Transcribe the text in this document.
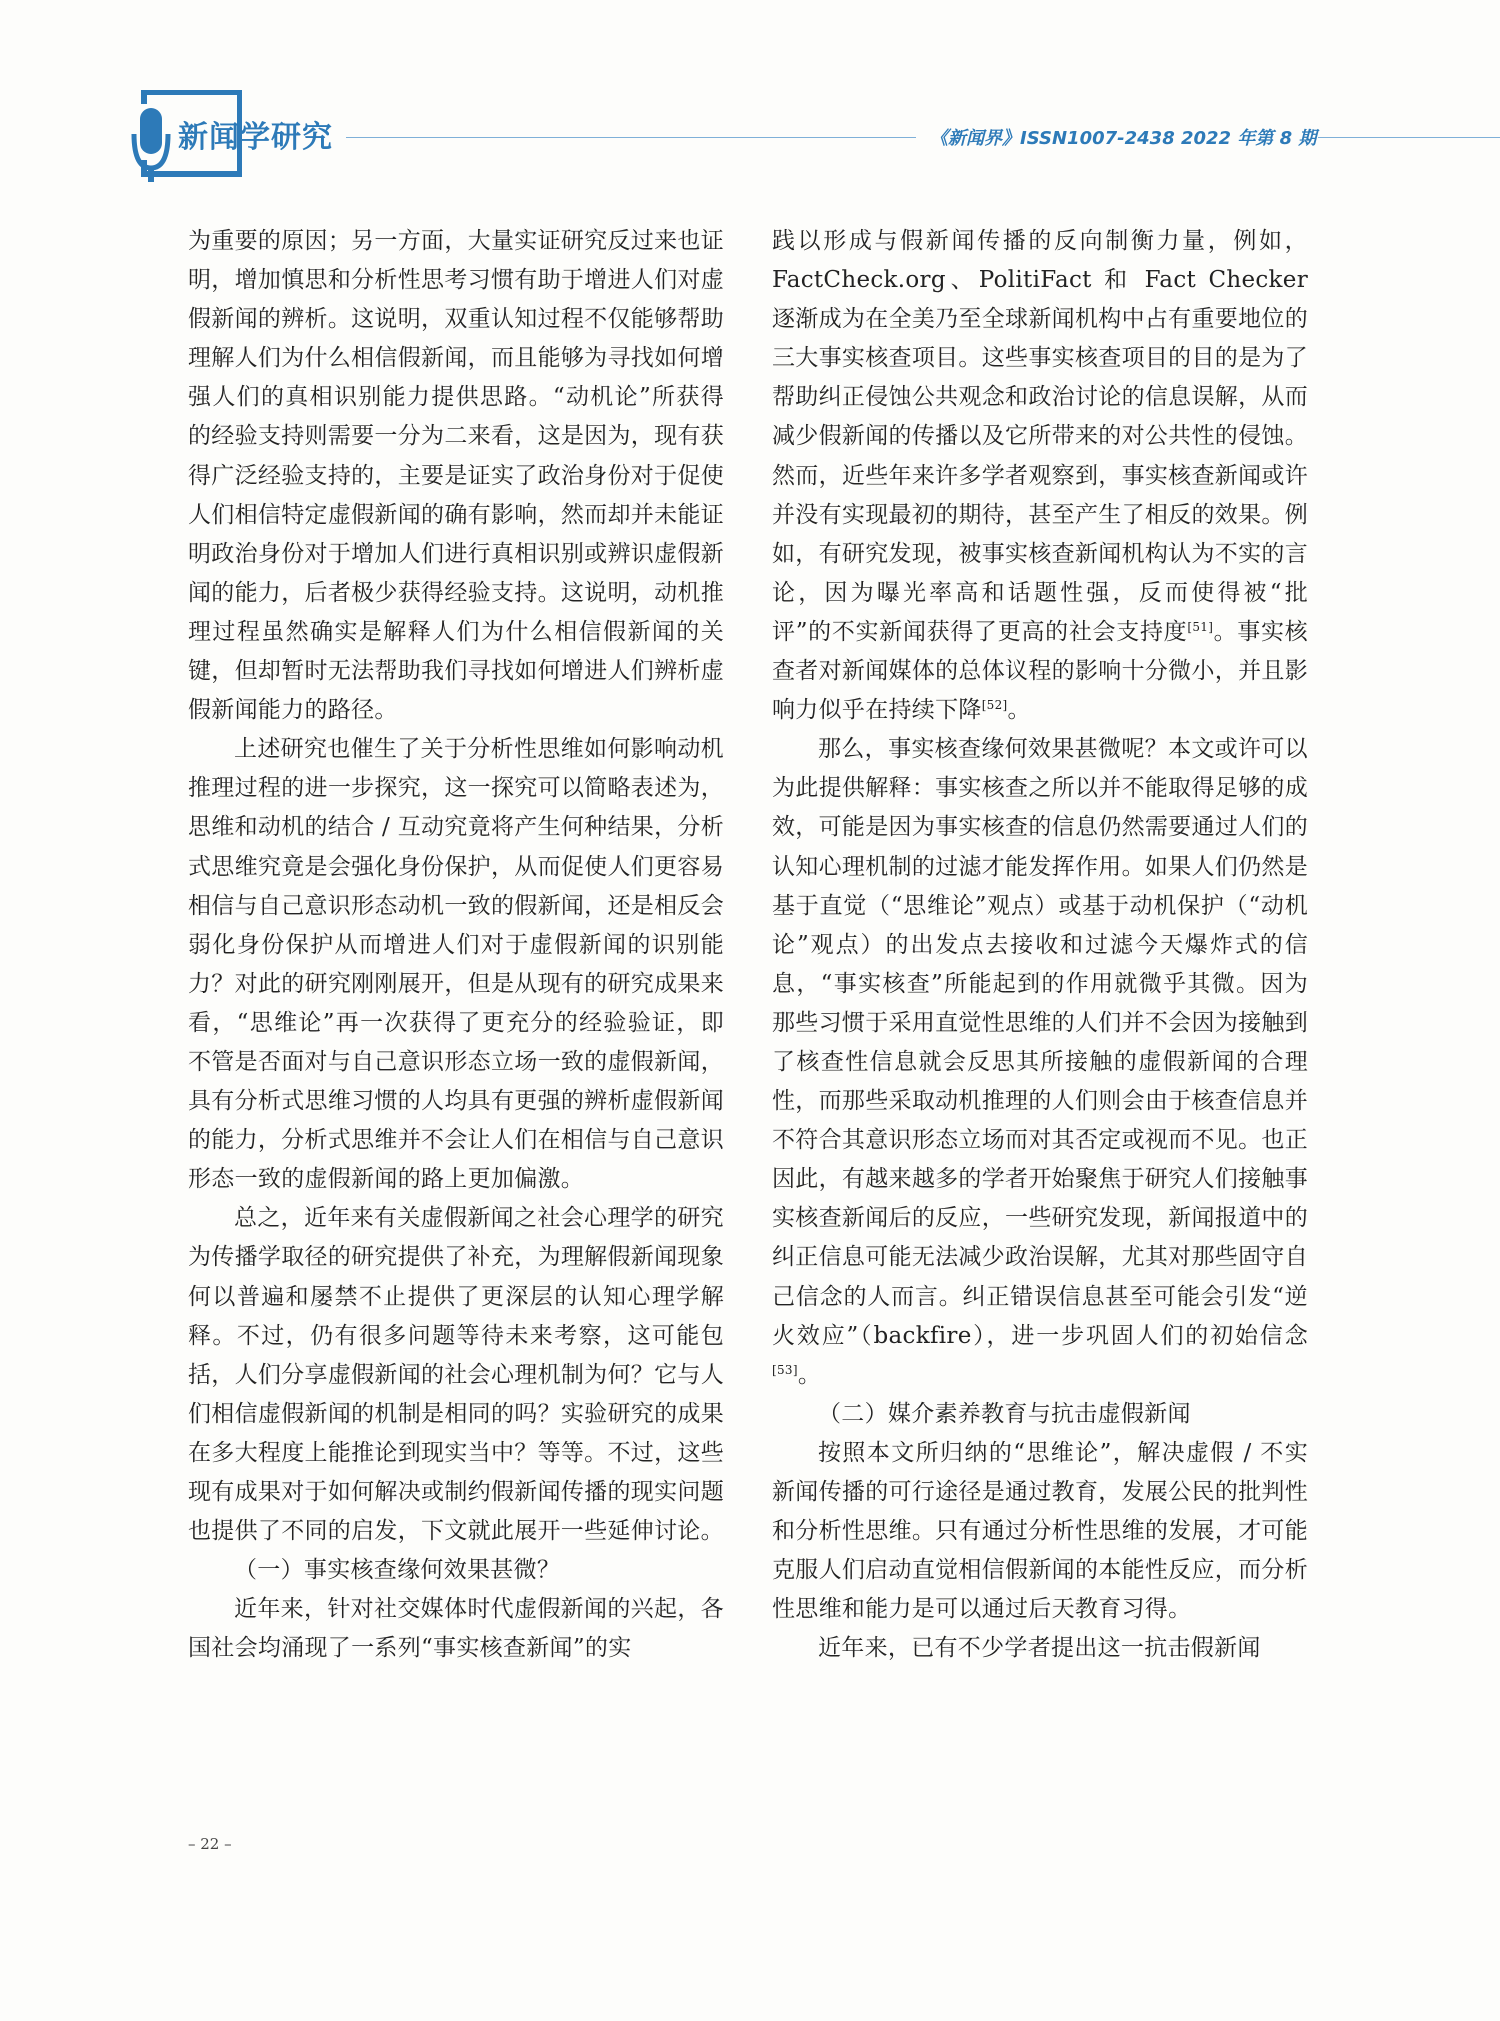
新闻学研究	《新闻界》ISSN1007-2438 2022 年第 8 期

为重要的原因；另一方面，大量实证研究反过来也证明，增加慎思和分析性思考习惯有助于增进人们对虚假新闻的辨析。这说明，双重认知过程不仅能够帮助理解人们为什么相信假新闻，而且能够为寻找如何增强人们的真相识别能力提供思路。“动机论”所获得的经验支持则需要一分为二来看，这是因为，现有获得广泛经验支持的，主要是证实了政治身份对于促使人们相信特定虚假新闻的确有影响，然而却并未能证明政治身份对于增加人们进行真相识别或辨识虚假新闻的能力，后者极少获得经验支持。这说明，动机推理过程虽然确实是解释人们为什么相信假新闻的关键，但却暂时无法帮助我们寻找如何增进人们辨析虚假新闻能力的路径。

上述研究也催生了关于分析性思维如何影响动机推理过程的进一步探究，这一探究可以简略表述为，思维和动机的结合 / 互动究竟将产生何种结果，分析式思维究竟是会强化身份保护，从而促使人们更容易相信与自己意识形态动机一致的假新闻，还是相反会弱化身份保护从而增进人们对于虚假新闻的识别能力？对此的研究刚刚展开，但是从现有的研究成果来看，“思维论”再一次获得了更充分的经验验证，即不管是否面对与自己意识形态立场一致的虚假新闻，具有分析式思维习惯的人均具有更强的辨析虚假新闻的能力，分析式思维并不会让人们在相信与自己意识形态一致的虚假新闻的路上更加偏激。

总之，近年来有关虚假新闻之社会心理学的研究为传播学取径的研究提供了补充，为理解假新闻现象何以普遍和屡禁不止提供了更深层的认知心理学解释。不过，仍有很多问题等待未来考察，这可能包括，人们分享虚假新闻的社会心理机制为何？它与人们相信虚假新闻的机制是相同的吗？实验研究的成果在多大程度上能推论到现实当中？等等。不过，这些现有成果对于如何解决或制约假新闻传播的现实问题也提供了不同的启发，下文就此展开一些延伸讨论。

（一）事实核查缘何效果甚微？

近年来，针对社交媒体时代虚假新闻的兴起，各国社会均涌现了一系列“事实核查新闻”的实

践以形成与假新闻传播的反向制衡力量，例如，FactCheck.org、PolitiFact 和 Fact Checker 逐渐成为在全美乃至全球新闻机构中占有重要地位的三大事实核查项目。这些事实核查项目的目的是为了帮助纠正侵蚀公共观念和政治讨论的信息误解，从而减少假新闻的传播以及它所带来的对公共性的侵蚀。然而，近些年来许多学者观察到，事实核查新闻或许并没有实现最初的期待，甚至产生了相反的效果。例如，有研究发现，被事实核查新闻机构认为不实的言论，因为曝光率高和话题性强，反而使得被“批评”的不实新闻获得了更高的社会支持度[51]。事实核查者对新闻媒体的总体议程的影响十分微小，并且影响力似乎在持续下降[52]。

那么，事实核查缘何效果甚微呢？本文或许可以为此提供解释：事实核查之所以并不能取得足够的成效，可能是因为事实核查的信息仍然需要通过人们的认知心理机制的过滤才能发挥作用。如果人们仍然是基于直觉（“思维论”观点）或基于动机保护（“动机论”观点）的出发点去接收和过滤今天爆炸式的信息，“事实核查”所能起到的作用就微乎其微。因为那些习惯于采用直觉性思维的人们并不会因为接触到了核查性信息就会反思其所接触的虚假新闻的合理性，而那些采取动机推理的人们则会由于核查信息并不符合其意识形态立场而对其否定或视而不见。也正因此，有越来越多的学者开始聚焦于研究人们接触事实核查新闻后的反应，一些研究发现，新闻报道中的纠正信息可能无法减少政治误解，尤其对那些固守自己信念的人而言。纠正错误信息甚至可能会引发“逆火效应”（backfire），进一步巩固人们的初始信念[53]。

（二）媒介素养教育与抗击虚假新闻

按照本文所归纳的“思维论”，解决虚假 / 不实新闻传播的可行途径是通过教育，发展公民的批判性和分析性思维。只有通过分析性思维的发展，才可能克服人们启动直觉相信假新闻的本能性反应，而分析性思维和能力是可以通过后天教育习得。

近年来，已有不少学者提出这一抗击假新闻

– 22 –
